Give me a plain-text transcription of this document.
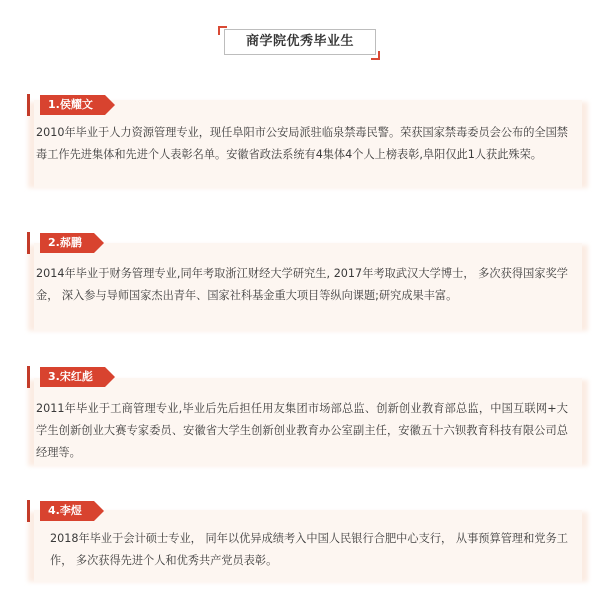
商学院优秀毕业生

2010年毕业于人力资源管理专业，现任阜阳市公安局派驻临泉禁毒民警。荣获国家禁毒委员会公布的全国禁毒工作先进集体和先进个人表彰名单。安徽省政法系统有4集体4个人上榜表彰,阜阳仅此1人获此殊荣。

1.侯耀文

2014年毕业于财务管理专业,同年考取浙江财经大学研究生, 2017年考取武汉大学博士， 多次获得国家奖学金， 深入参与导师国家杰出青年、国家社科基金重大项目等纵向课题;研究成果丰富。

2.郝鹏

2011年毕业于工商管理专业,毕业后先后担任用友集团市场部总监、创新创业教育部总监，中国互联网+大学生创新创业大赛专家委员、安徽省大学生创新创业教育办公室副主任，安徽五十六钡教育科技有限公司总经理等。

3.宋红彪

2018年毕业于会计硕士专业， 同年以优异成绩考入中国人民银行合肥中心支行， 从事预算管理和党务工作， 多次获得先进个人和优秀共产党员表彰。

4.李煜
